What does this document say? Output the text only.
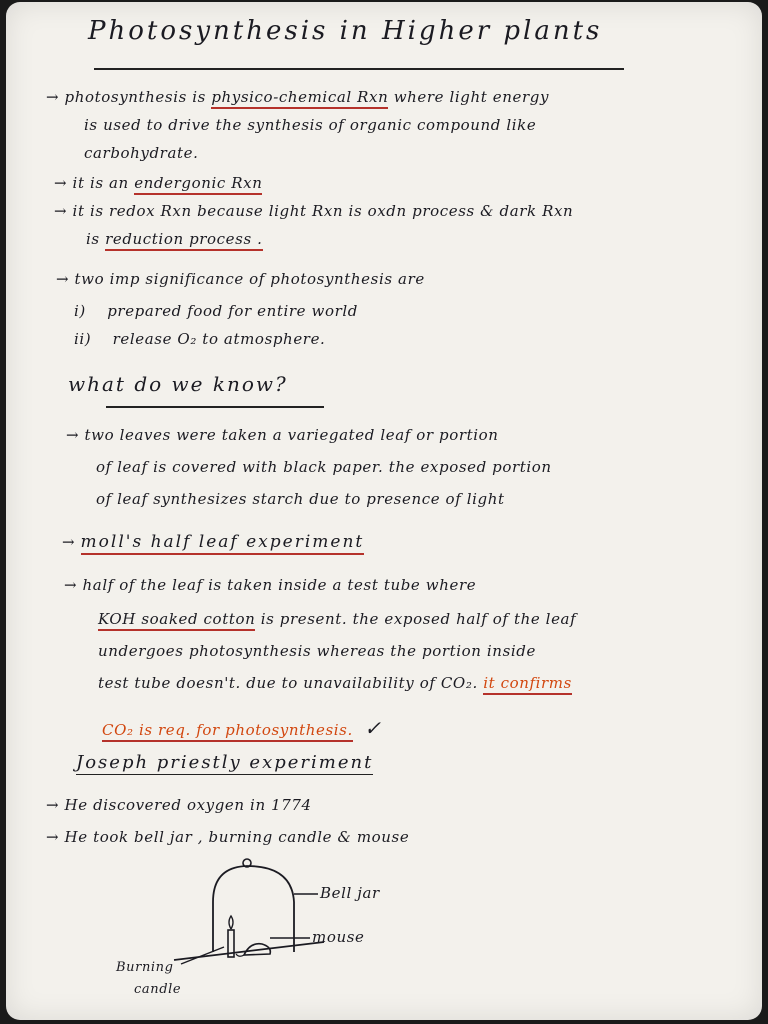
Photosynthesis in Higher plants
→ photosynthesis is physico-chemical Rxn where light energy
is used to drive the synthesis of organic compound like
carbohydrate.
→ it is an endergonic Rxn
→ it is redox Rxn because light Rxn is oxdn process & dark Rxn
is reduction process .
→ two imp significance of photosynthesis are
i) prepared food for entire world
ii) release O₂ to atmosphere.
what do we know?
→ two leaves were taken a variegated leaf or portion
of leaf is covered with black paper. the exposed portion
of leaf synthesizes starch due to presence of light
→ moll's half leaf experiment
→ half of the leaf is taken inside a test tube where
KOH soaked cotton is present. the exposed half of the leaf
undergoes photosynthesis whereas the portion inside
test tube doesn't. due to unavailability of CO₂. it confirms
CO₂ is req. for photosynthesis. ✓
Joseph priestly experiment
→ He discovered oxygen in 1774
→ He took bell jar , burning candle & mouse
Bell jar
mouse
Burning
candle
